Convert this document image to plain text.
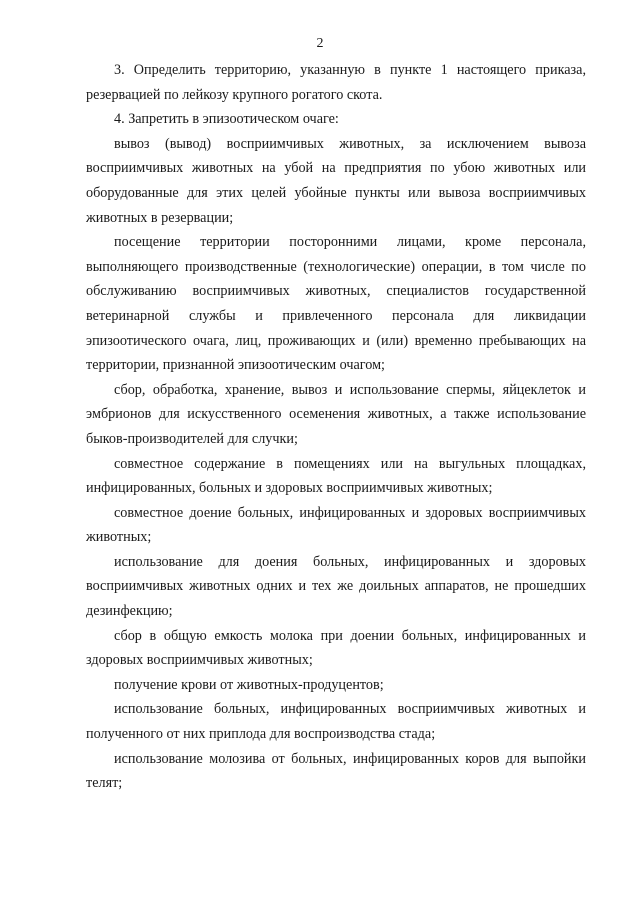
2

3. Определить территорию, указанную в пункте 1 настоящего приказа, резервацией по лейкозу крупного рогатого скота.

4. Запретить в эпизоотическом очаге:

вывоз (вывод) восприимчивых животных, за исключением вывоза восприимчивых животных на убой на предприятия по убою животных или оборудованные для этих целей убойные пункты или вывоза восприимчивых животных в резервации;

посещение территории посторонними лицами, кроме персонала, выполняющего производственные (технологические) операции, в том числе по обслуживанию восприимчивых животных, специалистов государственной ветеринарной службы и привлеченного персонала для ликвидации эпизоотического очага, лиц, проживающих и (или) временно пребывающих на территории, признанной эпизоотическим очагом;

сбор, обработка, хранение, вывоз и использование спермы, яйцеклеток и эмбрионов для искусственного осеменения животных, а также использование быков-производителей для случки;

совместное содержание в помещениях или на выгульных площадках, инфицированных, больных и здоровых восприимчивых животных;

совместное доение больных, инфицированных и здоровых восприимчивых животных;

использование для доения больных, инфицированных и здоровых восприимчивых животных одних и тех же доильных аппаратов, не прошедших дезинфекцию;

сбор в общую емкость молока при доении больных, инфицированных и здоровых восприимчивых животных;

получение крови от животных-продуцентов;

использование больных, инфицированных восприимчивых животных и полученного от них приплода для воспроизводства стада;

использование молозива от больных, инфицированных коров для выпойки телят;
